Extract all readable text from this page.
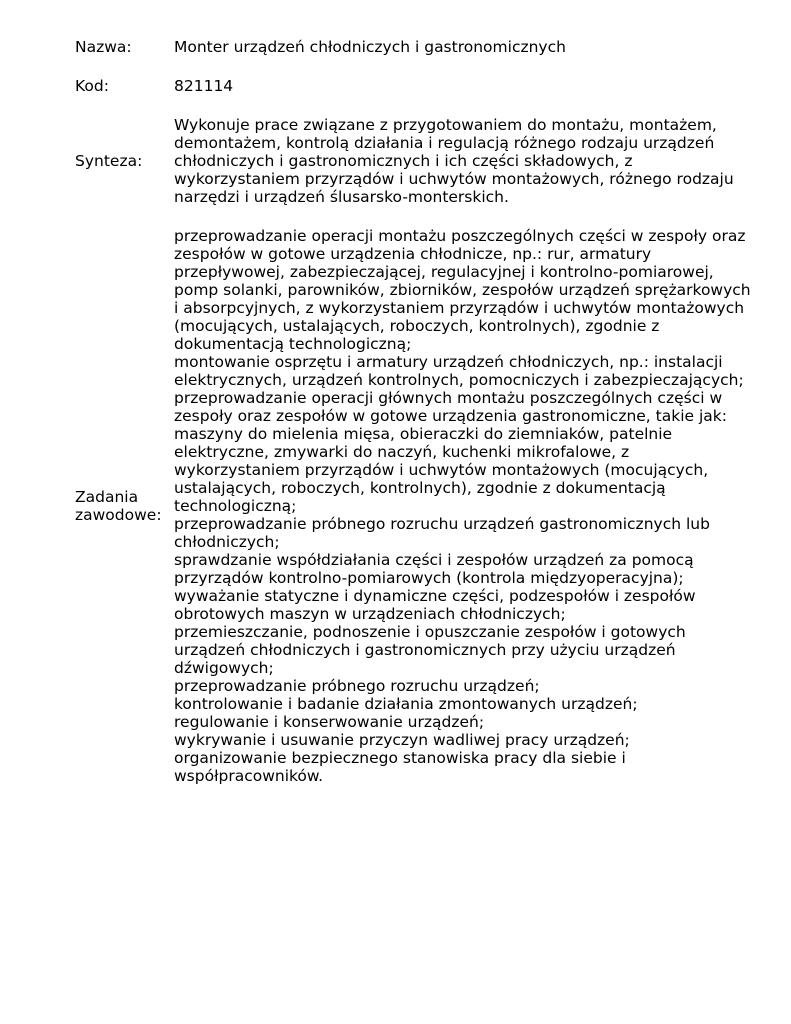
Nazwa:	Monter urządzeń chłodniczych i gastronomicznych
Kod:	821114
Synteza:
Wykonuje prace związane z przygotowaniem do montażu, montażem,
demontażem, kontrolą działania i regulacją różnego rodzaju urządzeń
chłodniczych i gastronomicznych i ich części składowych, z
wykorzystaniem przyrządów i uchwytów montażowych, różnego rodzaju
narzędzi i urządzeń ślusarsko-monterskich.
Zadania
zawodowe:
przeprowadzanie operacji montażu poszczególnych części w zespoły oraz
zespołów w gotowe urządzenia chłodnicze, np.: rur, armatury
przepływowej, zabezpieczającej, regulacyjnej i kontrolno-pomiarowej,
pomp solanki, parowników, zbiorników, zespołów urządzeń sprężarkowych
i absorpcyjnych, z wykorzystaniem przyrządów i uchwytów montażowych
(mocujących, ustalających, roboczych, kontrolnych), zgodnie z
dokumentacją technologiczną;
montowanie osprzętu i armatury urządzeń chłodniczych, np.: instalacji
elektrycznych, urządzeń kontrolnych, pomocniczych i zabezpieczających;
przeprowadzanie operacji głównych montażu poszczególnych części w
zespoły oraz zespołów w gotowe urządzenia gastronomiczne, takie jak:
maszyny do mielenia mięsa, obieraczki do ziemniaków, patelnie
elektryczne, zmywarki do naczyń, kuchenki mikrofalowe, z
wykorzystaniem przyrządów i uchwytów montażowych (mocujących,
ustalających, roboczych, kontrolnych), zgodnie z dokumentacją
technologiczną;
przeprowadzanie próbnego rozruchu urządzeń gastronomicznych lub
chłodniczych;
sprawdzanie współdziałania części i zespołów urządzeń za pomocą
przyrządów kontrolno-pomiarowych (kontrola międzyoperacyjna);
wyważanie statyczne i dynamiczne części, podzespołów i zespołów
obrotowych maszyn w urządzeniach chłodniczych;
przemieszczanie, podnoszenie i opuszczanie zespołów i gotowych
urządzeń chłodniczych i gastronomicznych przy użyciu urządzeń
dźwigowych;
przeprowadzanie próbnego rozruchu urządzeń;
kontrolowanie i badanie działania zmontowanych urządzeń;
regulowanie i konserwowanie urządzeń;
wykrywanie i usuwanie przyczyn wadliwej pracy urządzeń;
organizowanie bezpiecznego stanowiska pracy dla siebie i
współpracowników.
